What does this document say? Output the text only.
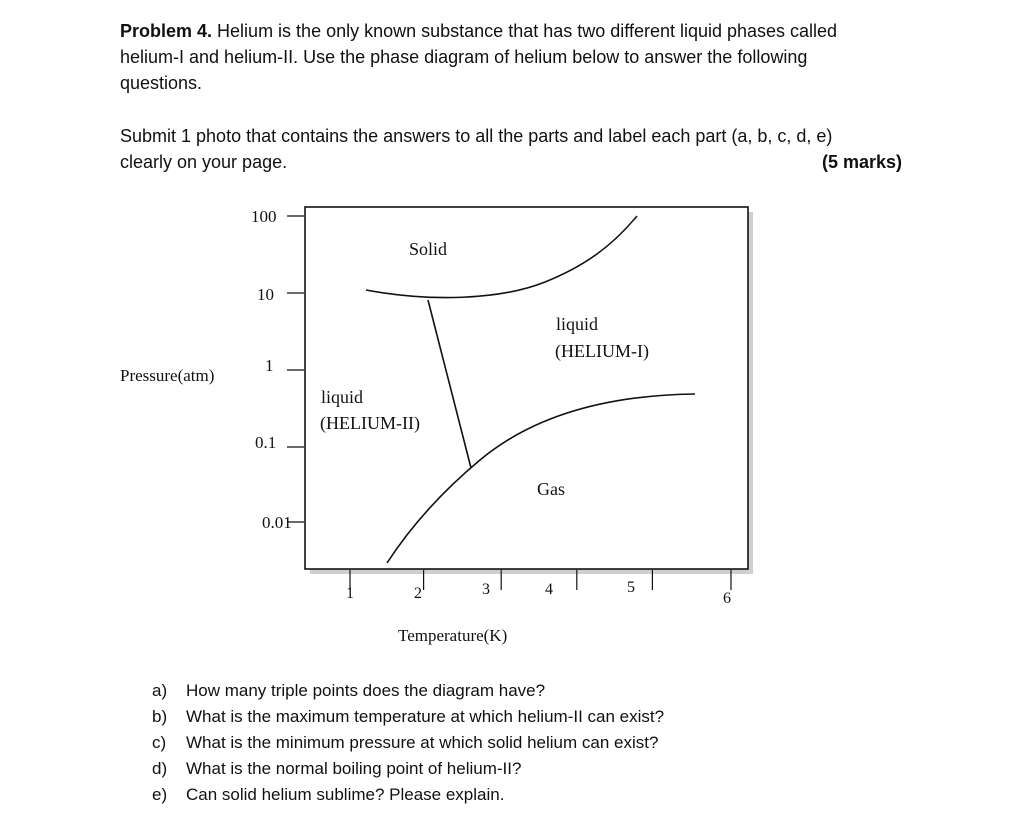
Problem 4. Helium is the only known substance that has two different liquid phases called

helium-I and helium-II. Use the phase diagram of helium below to answer the following

questions.

Submit 1 photo that contains the answers to all the parts and label each part (a, b, c, d, e)

clearly on your page.	(5 marks)
100
10
1
0.1
0.01
1	2	3	4	5
6
Pressure(atm)
Temperature(K)
Solid
liquid
(HELIUM-I)
liquid
(HELIUM-II)
Gas
a)	How many triple points does the diagram have?
b)	What is the maximum temperature at which helium-II can exist?
c)	What is the minimum pressure at which solid helium can exist?
d)	What is the normal boiling point of helium-II?
e)	Can solid helium sublime? Please explain.
